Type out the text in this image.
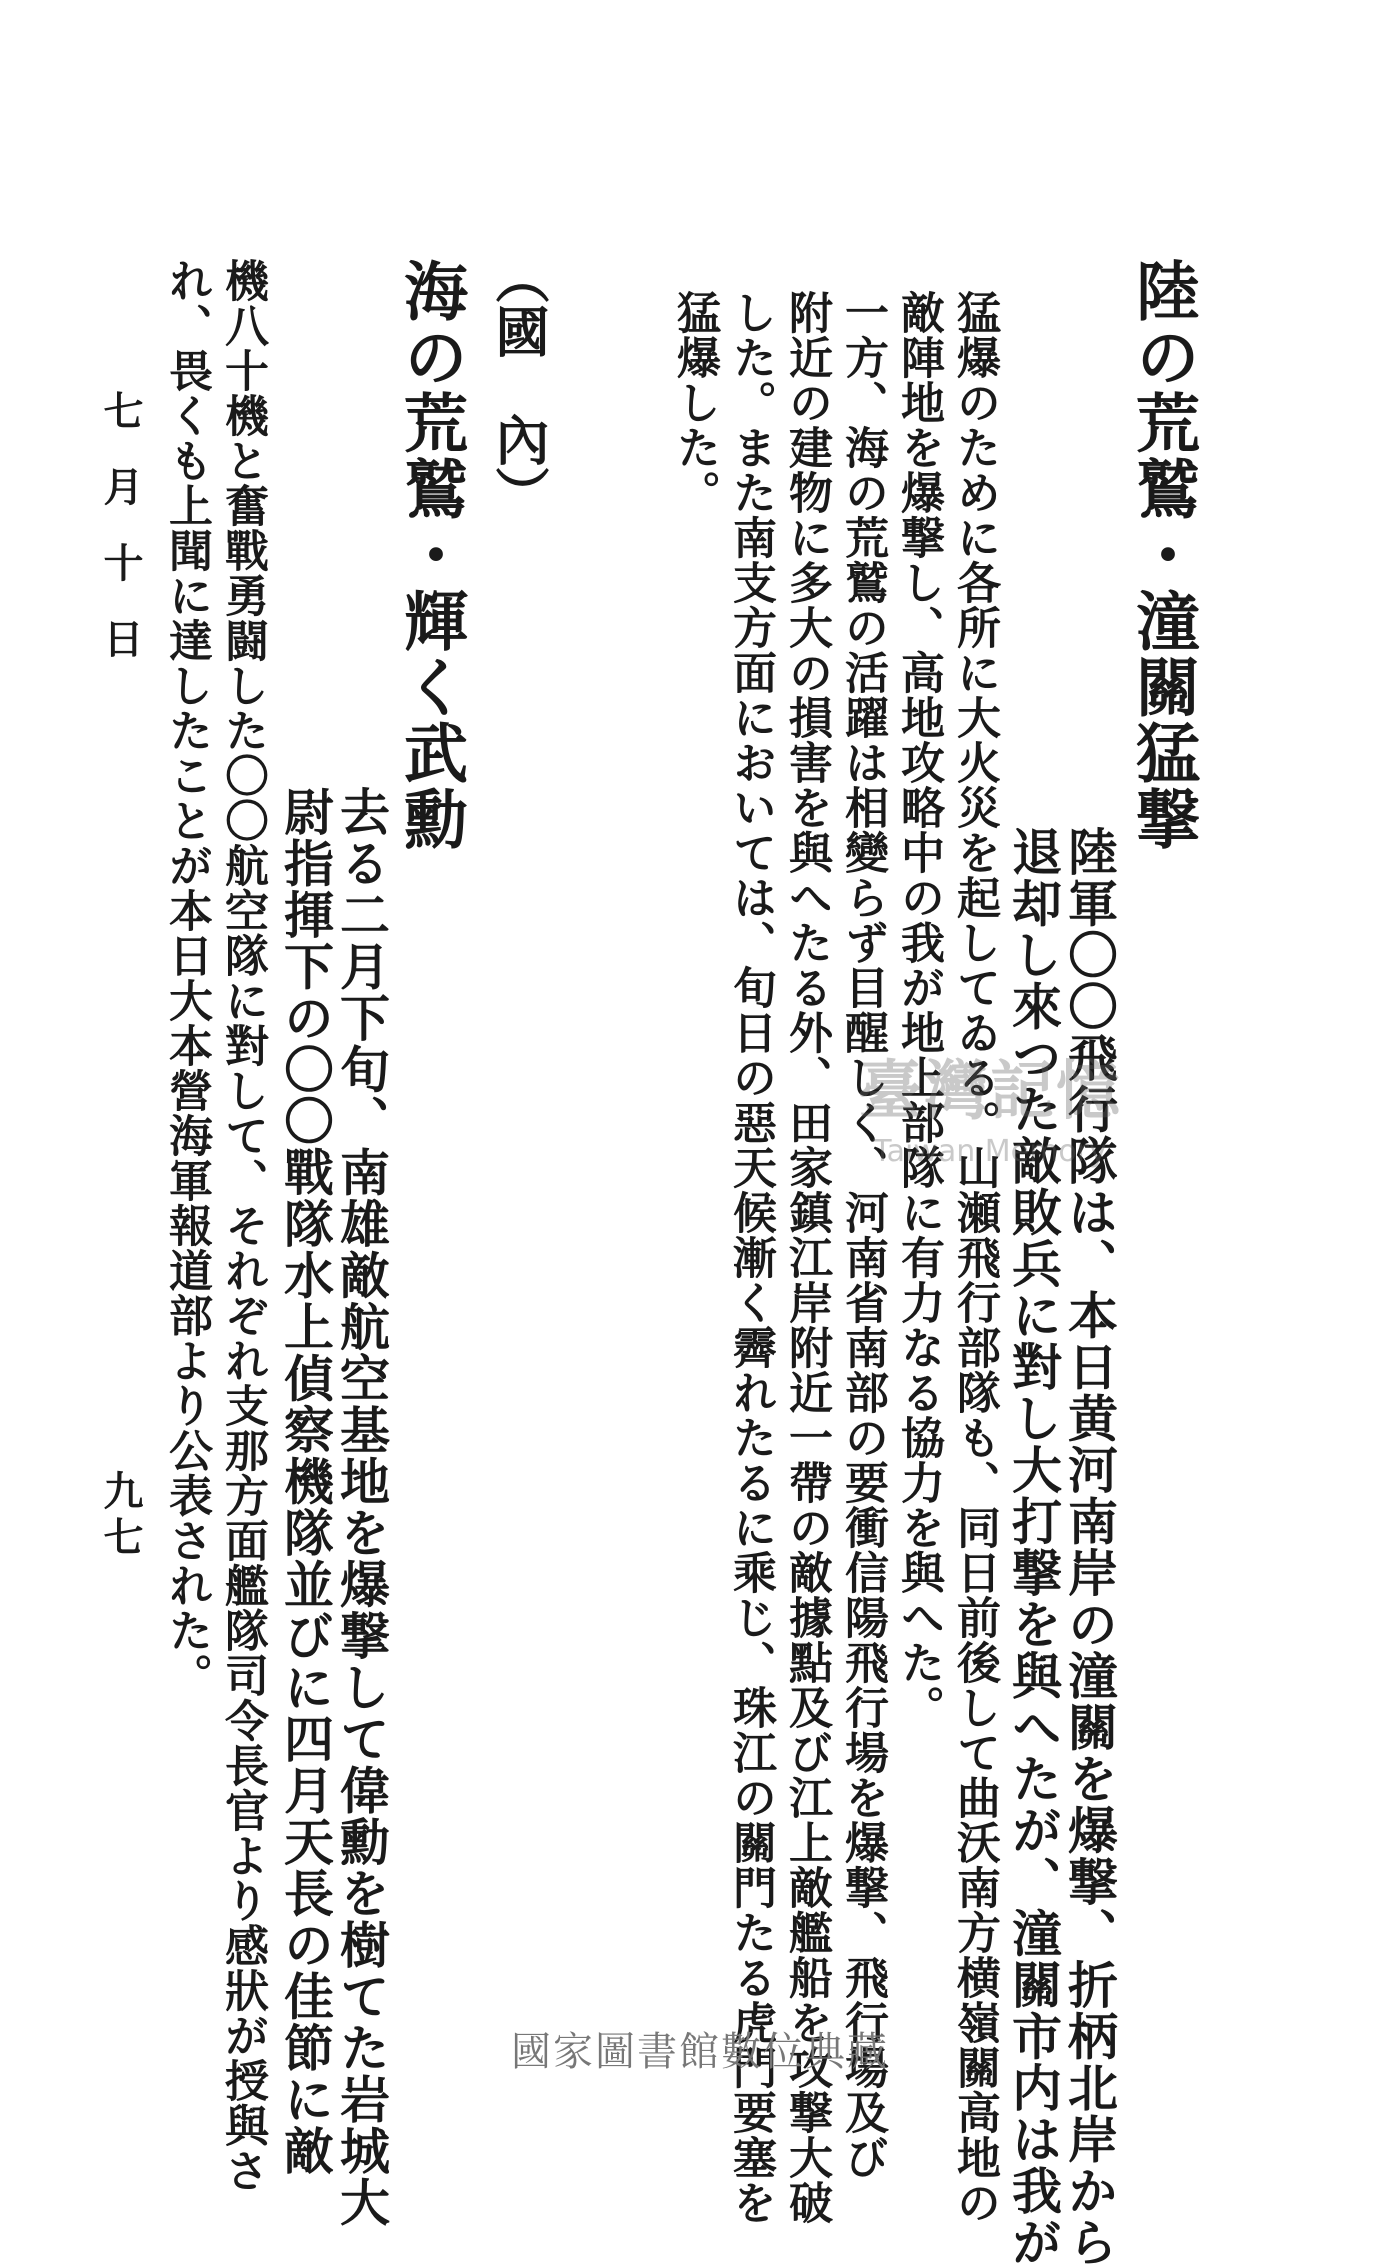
陸の荒鷲・潼關猛撃
陸軍〇〇飛行隊は、本日黄河南岸の潼關を爆撃、折柄北岸から
退却し來つた敵敗兵に對し大打撃を與へたが、潼關市内は我が
猛爆のために各所に大火災を起してゐる。山瀬飛行部隊も、同日前後して曲沃南方横嶺關高地の
敵陣地を爆撃し、高地攻略中の我が地上部隊に有力なる協力を與へた。
一方、海の荒鷲の活躍は相變らず目醒しく、河南省南部の要衝信陽飛行場を爆撃、飛行場及び
附近の建物に多大の損害を與へたる外、田家鎮江岸附近一帶の敵據點及び江上敵艦船を攻撃大破
した。また南支方面においては、旬日の惡天候漸く霽れたるに乘じ、珠江の關門たる虎門要塞を
猛爆した。
（國　內）
海の荒鷲・輝く武勳
去る二月下旬、南雄敵航空基地を爆撃して偉勳を樹てた岩城大
尉指揮下の〇〇戰隊水上偵察機隊並びに四月天長の佳節に敵
機八十機と奮戰勇闘した〇〇航空隊に對して、それぞれ支那方面艦隊司令長官より感狀が授與さ
れ、畏くも上聞に達したことが本日大本營海軍報道部より公表された。
七月十日
九七
臺灣記憶
Taiwan Memory
國家圖書館數位典藏
